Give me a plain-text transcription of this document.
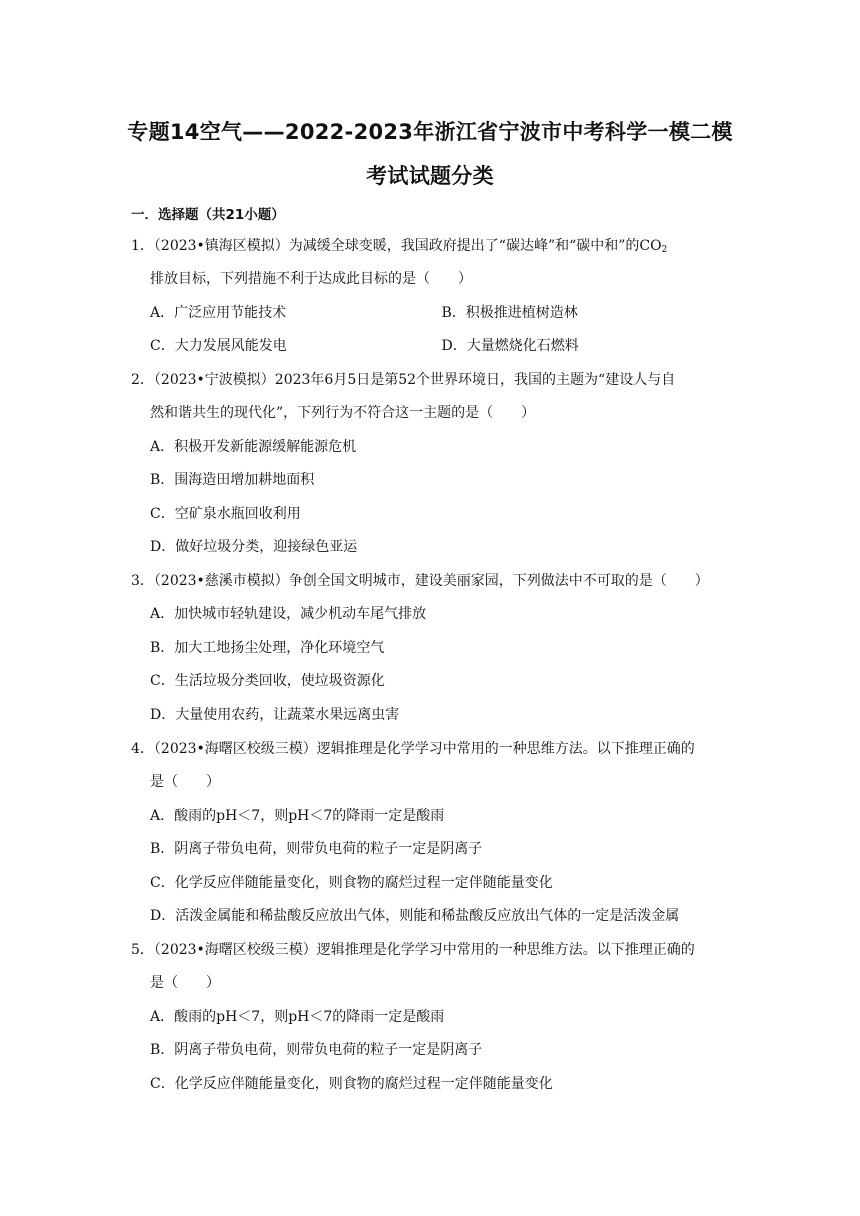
专题14空气——2022-2023年浙江省宁波市中考科学一模二模
考试试题分类
一．选择题（共21小题）
1．（2023•镇海区模拟）为减缓全球变暖，我国政府提出了“碳达峰”和“碳中和”的$CO_2$
排放目标，下列措施不利于达成此目标的是（　　）
A．广泛应用节能技术	B．积极推进植树造林
C．大力发展风能发电	D．大量燃烧化石燃料
2．（2023•宁波模拟）2023年6月5日是第52个世界环境日，我国的主题为“建设人与自
然和谐共生的现代化”，下列行为不符合这一主题的是（　　）
A．积极开发新能源缓解能源危机
B．围海造田增加耕地面积
C．空矿泉水瓶回收利用
D．做好垃圾分类，迎接绿色亚运
3．（2023•慈溪市模拟）争创全国文明城市，建设美丽家园，下列做法中不可取的是（　　）
A．加快城市轻轨建设，减少机动车尾气排放
B．加大工地扬尘处理，净化环境空气
C．生活垃圾分类回收，使垃圾资源化
D．大量使用农药，让蔬菜水果远离虫害
4．（2023•海曙区校级三模）逻辑推理是化学学习中常用的一种思维方法。以下推理正确的
是（　　）
A．酸雨的pH＜7，则pH＜7的降雨一定是酸雨
B．阴离子带负电荷，则带负电荷的粒子一定是阴离子
C．化学反应伴随能量变化，则食物的腐烂过程一定伴随能量变化
D．活泼金属能和稀盐酸反应放出气体，则能和稀盐酸反应放出气体的一定是活泼金属
5．（2023•海曙区校级三模）逻辑推理是化学学习中常用的一种思维方法。以下推理正确的
是（　　）
A．酸雨的pH＜7，则pH＜7的降雨一定是酸雨
B．阴离子带负电荷，则带负电荷的粒子一定是阴离子
C．化学反应伴随能量变化，则食物的腐烂过程一定伴随能量变化
